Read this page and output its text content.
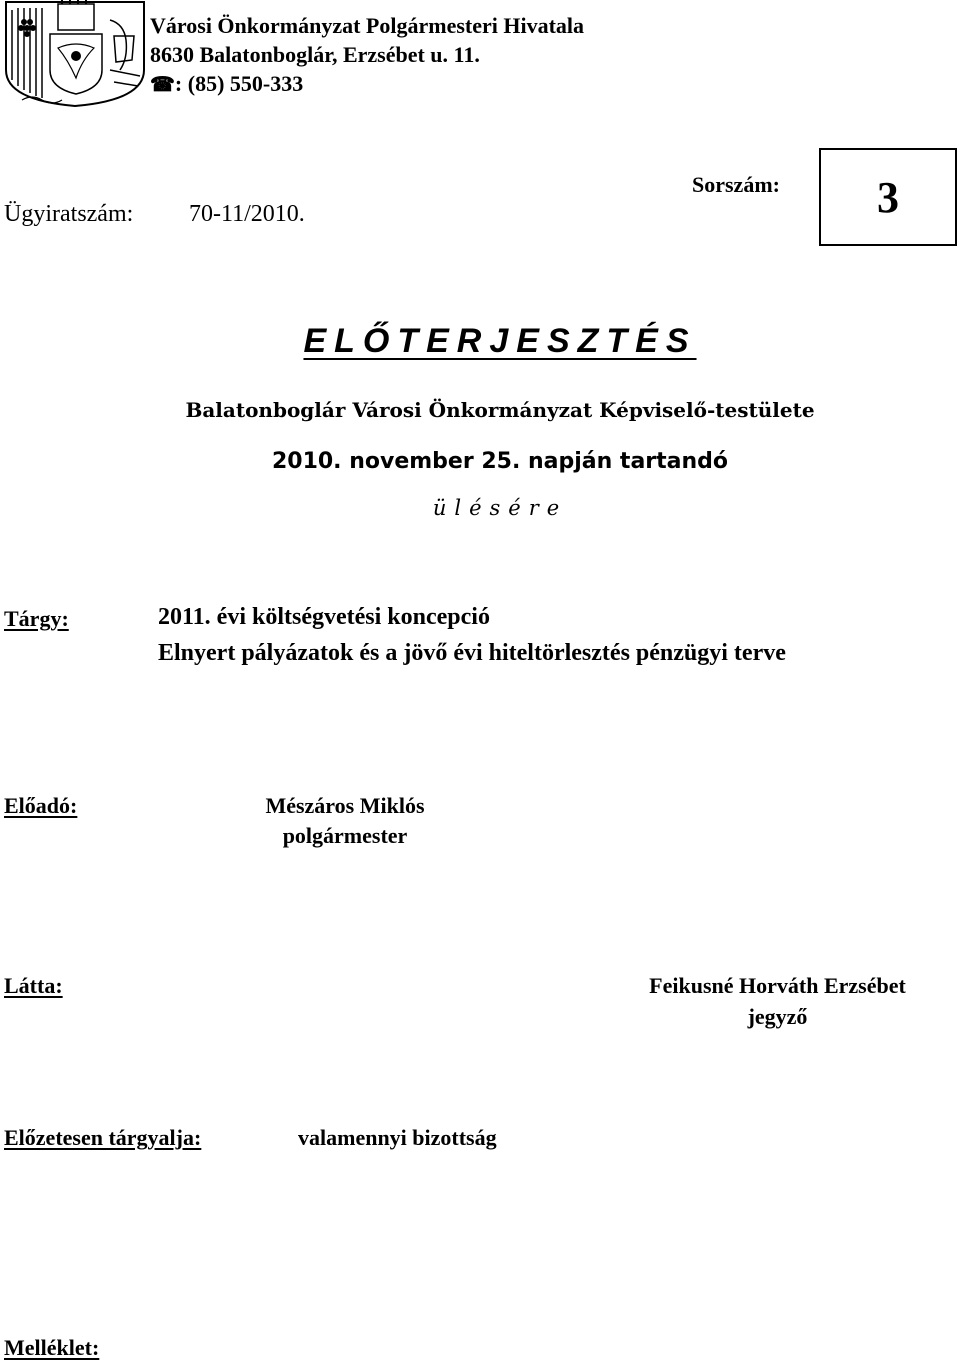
Városi Önkormányzat Polgármesteri Hivatala
8630 Balatonboglár, Erzsébet u. 11.
☎: (85) 550-333
Ügyiratszám: 70-11/2010.
Sorszám: 3
ELŐTERJESZTÉS
Balatonboglár Városi Önkormányzat Képviselő-testülete
2010. november 25. napján tartandó
ülésére
Tárgy:	2011. évi költségvetési koncepció
Elnyert pályázatok és a jövő évi hiteltörlesztés pénzügyi terve
Előadó:	Mészáros Miklós
polgármester
Látta:	Feikusné Horváth Erzsébet
jegyző
Előzetesen tárgyalja:	valamennyi bizottság
Melléklet:
